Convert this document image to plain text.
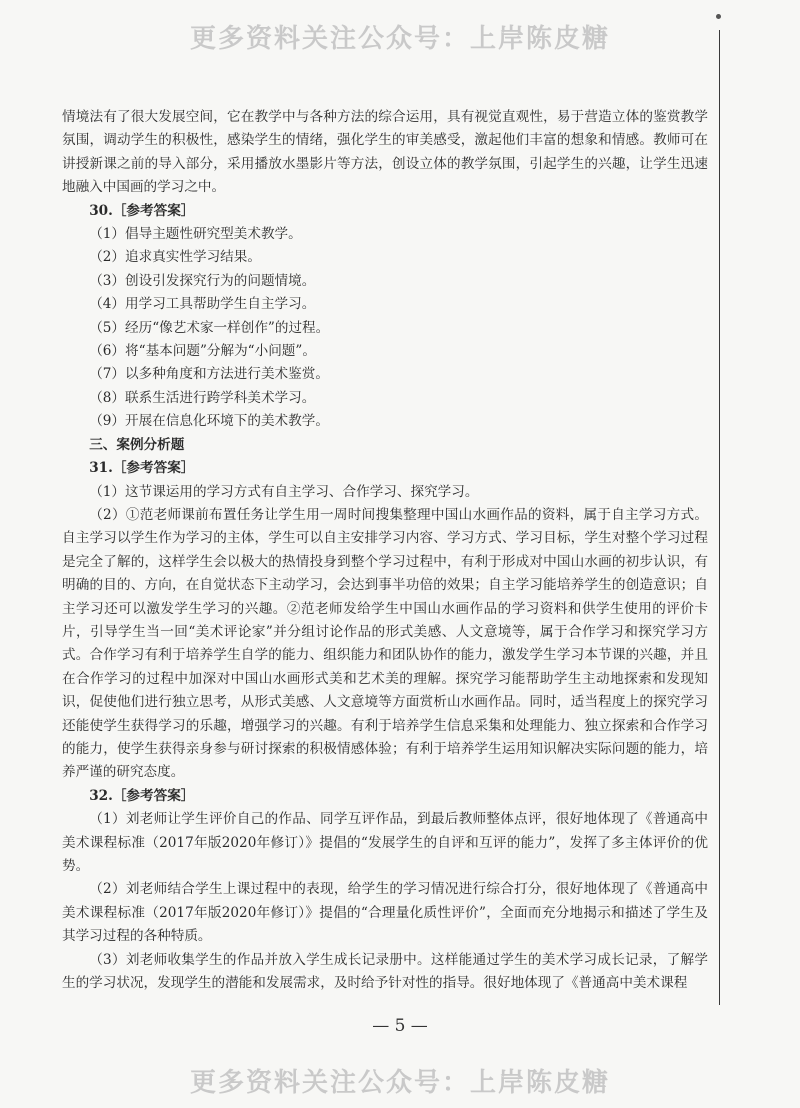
更多资料关注公众号：上岸陈皮糖

情境法有了很大发展空间，它在教学中与各种方法的综合运用，具有视觉直观性，易于营造立体的鉴赏教学氛围，调动学生的积极性，感染学生的情绪，强化学生的审美感受，激起他们丰富的想象和情感。教师可在讲授新课之前的导入部分，采用播放水墨影片等方法，创设立体的教学氛围，引起学生的兴趣，让学生迅速地融入中国画的学习之中。

30.［参考答案］

（1）倡导主题性研究型美术教学。

（2）追求真实性学习结果。

（3）创设引发探究行为的问题情境。

（4）用学习工具帮助学生自主学习。

（5）经历“像艺术家一样创作”的过程。

（6）将“基本问题”分解为“小问题”。

（7）以多种角度和方法进行美术鉴赏。

（8）联系生活进行跨学科美术学习。

（9）开展在信息化环境下的美术教学。

三、案例分析题

31.［参考答案］

（1）这节课运用的学习方式有自主学习、合作学习、探究学习。

（2）①范老师课前布置任务让学生用一周时间搜集整理中国山水画作品的资料，属于自主学习方式。自主学习以学生作为学习的主体，学生可以自主安排学习内容、学习方式、学习目标，学生对整个学习过程是完全了解的，这样学生会以极大的热情投身到整个学习过程中，有利于形成对中国山水画的初步认识，有明确的目的、方向，在自觉状态下主动学习，会达到事半功倍的效果；自主学习能培养学生的创造意识；自主学习还可以激发学生学习的兴趣。②范老师发给学生中国山水画作品的学习资料和供学生使用的评价卡片，引导学生当一回“美术评论家”并分组讨论作品的形式美感、人文意境等，属于合作学习和探究学习方式。合作学习有利于培养学生自学的能力、组织能力和团队协作的能力，激发学生学习本节课的兴趣，并且在合作学习的过程中加深对中国山水画形式美和艺术美的理解。探究学习能帮助学生主动地探索和发现知识，促使他们进行独立思考，从形式美感、人文意境等方面赏析山水画作品。同时，适当程度上的探究学习还能使学生获得学习的乐趣，增强学习的兴趣。有利于培养学生信息采集和处理能力、独立探索和合作学习的能力，使学生获得亲身参与研讨探索的积极情感体验；有利于培养学生运用知识解决实际问题的能力，培养严谨的研究态度。

32.［参考答案］

（1）刘老师让学生评价自己的作品、同学互评作品，到最后教师整体点评，很好地体现了《普通高中美术课程标准（2017年版2020年修订）》提倡的“发展学生的自评和互评的能力”，发挥了多主体评价的优势。

（2）刘老师结合学生上课过程中的表现，给学生的学习情况进行综合打分，很好地体现了《普通高中美术课程标准（2017年版2020年修订）》提倡的“合理量化质性评价”，全面而充分地揭示和描述了学生及其学习过程的各种特质。

（3）刘老师收集学生的作品并放入学生成长记录册中。这样能通过学生的美术学习成长记录，了解学生的学习状况，发现学生的潜能和发展需求，及时给予针对性的指导。很好地体现了《普通高中美术课程

— 5 —
更多资料关注公众号：上岸陈皮糖
